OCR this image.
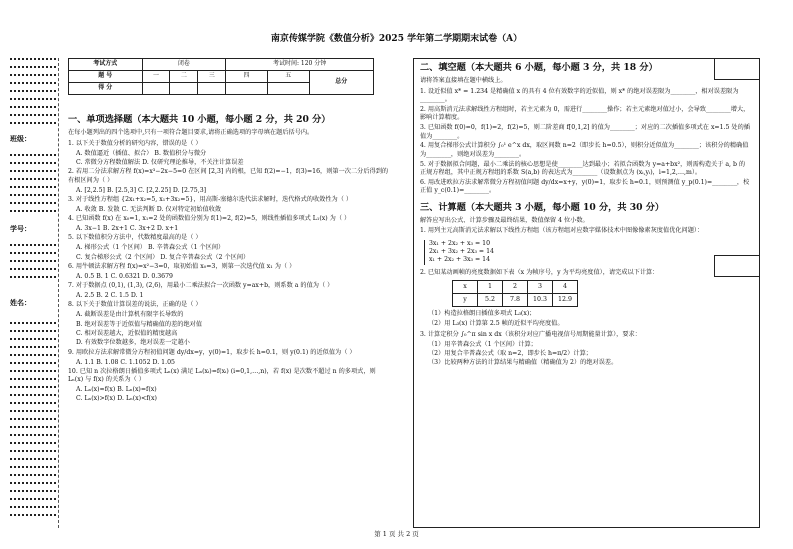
南京传媒学院《数值分析》2025 学年第二学期期末试卷（A）
班级：
学号：
姓名：
考试方式	闭卷			考试时间: 120 分钟		
题 号	一	二	三	四	五	总分
得 分						
一、单项选择题（本大题共 10 小题，每小题 2 分，共 20 分）
在每小题列出的四个选项中,只有一项符合题目要求,请将正确选项的字母填在题后括号内。
1. 以下关于数值分析的研究内容，错误的是（ ）
A. 数值逼近（插值、拟合） B. 数值积分与微分
C. 常微分方程数值解法 D. 仅研究理论推导，不关注计算误差
2. 若用二分法求解方程 f(x)=x³−2x−5=0 在区间 [2,3] 内的根，已知 f(2)=−1，f(3)=16，则第一次二分后得到的有根区间为（ ）
A. [2,2.5] B. [2.5,3] C. [2,2.25] D. [2.75,3]
3. 对于线性方程组 {2x₁+x₂=5, x₁+3x₂=5}，用高斯-塞德尔迭代法求解时，迭代格式的收敛性为（ ）
A. 收敛 B. 发散 C. 无法判断 D. 仅对特定初始值收敛
4. 已知函数 f(x) 在 x₀=1, x₁=2 处的函数值分别为 f(1)=2, f(2)=5，则线性插值多项式 L₁(x) 为（ ）
A. 3x−1 B. 2x+1 C. 3x+2 D. x+1
5. 以下数值积分方法中，代数精度最高的是（ ）
A. 梯形公式（1 个区间） B. 辛普森公式（1 个区间）
C. 复合梯形公式（2 个区间） D. 复合辛普森公式（2 个区间）
6. 用牛顿法求解方程 f(x)=x²−3=0，取初始值 x₀=3，则第一次迭代值 x₁ 为（ ）
A. 0.5 B. 1 C. 0.6321 D. 0.3679
7. 对于数据点 (0,1), (1,3), (2,6)，用最小二乘法拟合一次函数 y=ax+b，则系数 a 的值为（ ）
A. 2.5 B. 2 C. 1.5 D. 1
8. 以下关于数值计算误差的说法，正确的是（ ）
A. 截断误差是由计算机有限字长导致的
B. 绝对误差等于近似值与精确值的差的绝对值
C. 相对误差越大，近似值的精度越高
D. 有效数字位数越多，绝对误差一定越小
9. 用欧拉方法求解常微分方程初值问题 dy/dx=y，y(0)=1，取步长 h=0.1，则 y(0.1) 的近似值为（ ）
A. 1.1 B. 1.08 C. 1.1052 D. 1.05
10. 已知 n 次拉格朗日插值多项式 Lₙ(x) 满足 Lₙ(xᵢ)=f(xᵢ) (i=0,1,…,n)，若 f(x) 是次数不超过 n 的多项式，则 Lₙ(x) 与 f(x) 的关系为（ ）
A. Lₙ(x)≈f(x) B. Lₙ(x)=f(x)
C. Lₙ(x)>f(x) D. Lₙ(x)<f(x)
二、填空题（本大题共 6 小题，每小题 3 分，共 18 分）
请将答案直接填在题中横线上。
1. 设近似值 x* = 1.234 是精确值 x 的具有 4 位有效数字的近似值，则 x* 的绝对误差限为________，相对误差限为________。
2. 用高斯消元法求解线性方程组时，若主元素为 0，需进行________操作；若主元素绝对值过小，会导致________增大，影响计算精度。
3. 已知函数 f(0)=0，f(1)=2，f(2)=5，则二阶差商 f[0,1,2] 的值为________；对应的二次插值多项式在 x=1.5 处的插值为________。
4. 用复合梯形公式计算积分 ∫₀¹ e^x dx，取区间数 n=2（即步长 h=0.5），则积分近似值为________；该积分的精确值为________，则绝对误差为________。
5. 对于数据拟合问题，最小二乘法的核心思想是使________达到最小；若拟合函数为 y=a+bx²，则需构造关于 a, b 的正规方程组，其中正规方程组的系数 S(a,b) 的表达式为________（设数据点为 (xᵢ,yᵢ)，i=1,2,…,m）。
6. 用改进欧拉方法求解常微分方程初值问题 dy/dx=x+y，y(0)=1，取步长 h=0.1，则预测值 y_p(0.1)=________，校正值 y_c(0.1)=________。
三、计算题（本大题共 3 小题，每小题 10 分，共 30 分）
解答应写出公式、计算步骤及最终结果，数值保留 4 位小数。
1. 用列主元高斯消元法求解以下线性方程组（该方程组对应数字媒体技术中图像像素灰度值优化问题）：
3x₁ + 2x₂ + x₃ = 10
2x₁ + 3x₂ + 2x₃ = 14
x₁ + 2x₂ + 3x₃ = 14
2. 已知某动画帧的亮度数据如下表（x 为帧序号，y 为平均亮度值），请完成以下计算：
x	1	2	3	4
y	5.2	7.8	10.3	12.9
（1）构造拉格朗日插值多项式 L₃(x)；
（2）用 L₃(x) 计算第 2.5 帧的近似平均亮度值。
3. 计算定积分 ∫₀^π sin x dx（该积分对应广播电视信号周期能量计算），要求：
（1）用辛普森公式（1 个区间）计算；
（2）用复合辛普森公式（取 n=2，即步长 h=π/2）计算；
（3）比较两种方法的计算结果与精确值（精确值为 2）的绝对误差。
第 1 页 共 2 页
